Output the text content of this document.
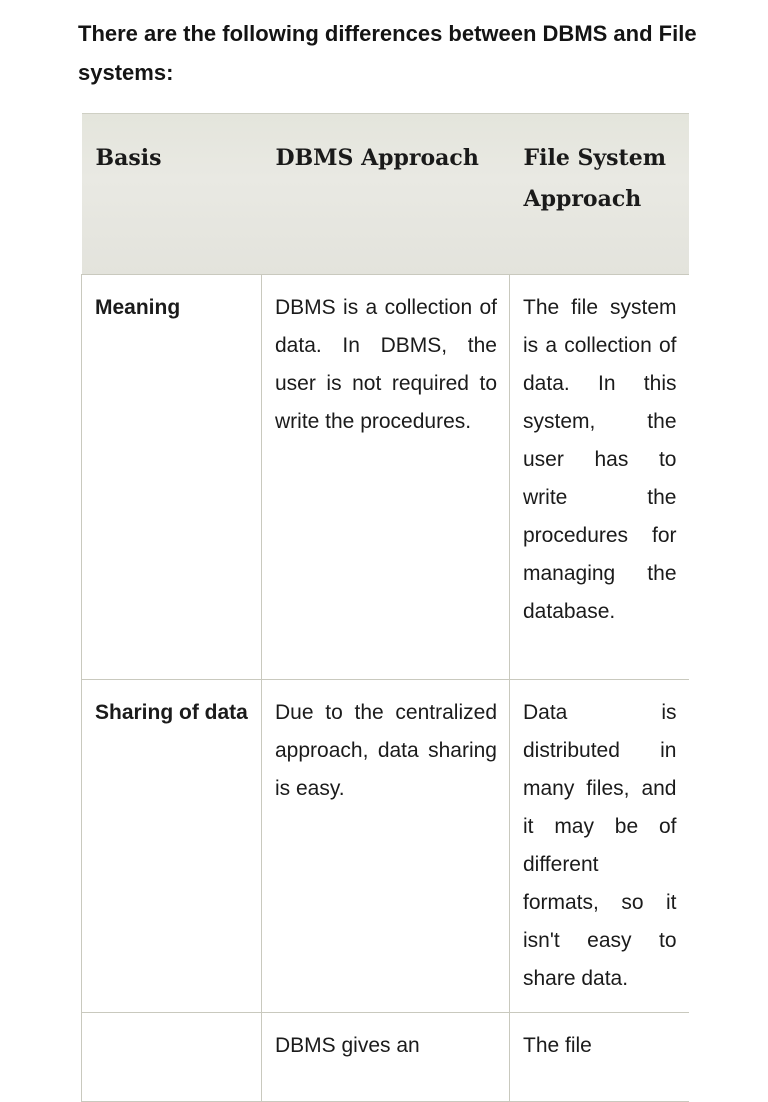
There are the following differences between DBMS and File systems:

Basis	DBMS Approach	File System Approach
Meaning	DBMS is a collection of data. In DBMS, the user is not required to write the procedures.	The file system is a collection of data. In this system, the user has to write the procedures for managing the database.
Sharing of data	Due to the centralized approach, data sharing is easy.	Data is distributed in many files, and it may be of different formats, so it isn't easy to share data.
	DBMS gives an	The file
